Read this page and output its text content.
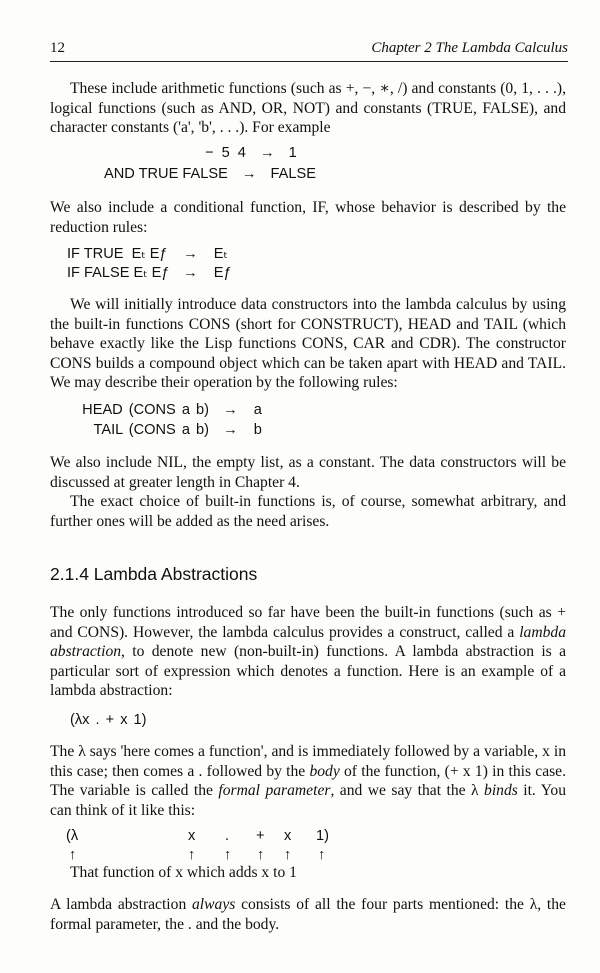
12	Chapter 2 The Lambda Calculus
These include arithmetic functions (such as +, −, ∗, /) and constants (0, 1, . . .), logical functions (such as AND, OR, NOT) and constants (TRUE, FALSE), and character constants ('a', 'b', . . .). For example
− 5 4 → 1
AND TRUE FALSE → FALSE
We also include a conditional function, IF, whose behavior is described by the reduction rules:
IF TRUE  Eₜ Eƒ → Eₜ
IF FALSE Eₜ Eƒ → Eƒ
We will initially introduce data constructors into the lambda calculus by using the built-in functions CONS (short for CONSTRUCT), HEAD and TAIL (which behave exactly like the Lisp functions CONS, CAR and CDR). The constructor CONS builds a compound object which can be taken apart with HEAD and TAIL. We may describe their operation by the following rules:
HEAD (CONS a b) → a
TAIL (CONS a b) → b
We also include NIL, the empty list, as a constant. The data constructors will be discussed at greater length in Chapter 4.
The exact choice of built-in functions is, of course, somewhat arbitrary, and further ones will be added as the need arises.
2.1.4 Lambda Abstractions
The only functions introduced so far have been the built-in functions (such as + and CONS). However, the lambda calculus provides a construct, called a lambda abstraction, to denote new (non-built-in) functions. A lambda abstraction is a particular sort of expression which denotes a function. Here is an example of a lambda abstraction:
(λx . + x 1)
The λ says 'here comes a function', and is immediately followed by a variable, x in this case; then comes a . followed by the body of the function, (+ x 1) in this case. The variable is called the formal parameter, and we say that the λ binds it. You can think of it like this:
(λ	x . + x 1)
↑	↑ ↑ ↑ ↑ ↑
That function of x which adds x to 1
A lambda abstraction always consists of all the four parts mentioned: the λ, the formal parameter, the . and the body.
